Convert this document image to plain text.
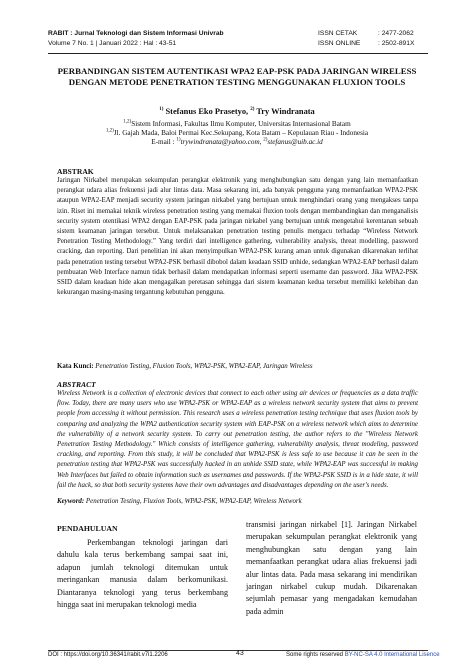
RABIT : Jurnal Teknologi dan Sistem Informasi Univrab
Volume 7 No. 1 | Januari 2022 : Hal : 43-51
ISSN CETAK	: 2477-2062
ISSN ONLINE	: 2502-891X
PERBANDINGAN SISTEM AUTENTIKASI WPA2 EAP-PSK PADA JARINGAN WIRELESS DENGAN METODE PENETRATION TESTING MENGGUNAKAN FLUXION TOOLS
$^{1)}$ Stefanus Eko Prasetyo, $^{2)}$ Try Windranata
$^{1,2)}$Sistem Informasi, Fakultas Ilmu Komputer, Universitas Internasional Batam
$^{1,2)}$Jl. Gajah Mada, Baloi Permai Kec.Sekupang, Kota Batam – Kepulauan Riau - Indonesia
E-mail : $^{1)}$trywindranata@yahoo.com, $^{2)}$stefanus@uib.ac.id
ABSTRAK
Jaringan Nirkabel merupakan sekumpulan perangkat elektronik yang menghubungkan satu dengan yang lain memanfaatkan perangkat udara alias frekuensi jadi alur lintas data. Masa sekarang ini, ada banyak pengguna yang memanfaatkan WPA2-PSK ataupun WPA2-EAP menjadi security system jaringan nirkabel yang bertujuan untuk menghindari orang yang mengakses tanpa izin. Riset ini memakai teknik wireless penetration testing yang memakai fluxion tools dengan membandingkan dan menganalisis security system otentikasi WPA2 dengan EAP-PSK pada jaringan nirkabel yang bertujuan untuk mengetahui kerentanan sebuah sistem keamanan jaringan tersebut. Untuk melaksanakan penetration testing penulis mengacu terhadap “Wireless Network Penetration Testing Methodology.” Yang terdiri dari intelligence gathering, vulnerability analysis, threat modelling, password cracking, dan reporting. Dari penelitian ini akan menyimpulkan WPA2-PSK kurang aman untuk digunakan dikarenakan terlihat pada penetration testing tersebut WPA2-PSK berhasil dibobol dalam keadaan SSID unhide, sedangkan WPA2-EAP berhasil dalam pembuatan Web Interface namun tidak berhasil dalam mendapatkan informasi seperti username dan password. Jika WPA2-PSK SSID dalam keadaan hide akan mengagalkan peretasan sehingga dari sistem keamanan kedua tersebut memiliki kelebihan dan kekurangan masing-masing tergantung kebutuhan pengguna.
Kata Kunci: Penetration Testing, Fluxion Tools, WPA2-PSK, WPA2-EAP, Jaringan Wireless
ABSTRACT
Wireless Network is a collection of electronic devices that connect to each other using air devices or frequencies as a data traffic flow. Today, there are many users who use WPA2-PSK or WPA2-EAP as a wireless network security system that aims to prevent people from accessing it without permission. This research uses a wireless penetration testing technique that uses fluxion tools by comparing and analyzing the WPA2 authentication security system with EAP-PSK on a wireless network which aims to determine the vulnerability of a network security system. To carry out penetration testing, the author refers to the "Wireless Network Penetration Testing Methodology." Which consists of intelligence gathering, vulnerability analysis, threat modeling, password cracking, and reporting. From this study, it will be concluded that WPA2-PSK is less safe to use because it can be seen in the penetration testing that WPA2-PSK was successfully hacked in an unhide SSID state, while WPA2-EAP was successful in making Web Interfaces but failed to obtain information such as usernames and passwords. If the WPA2-PSK SSID is in a hide state, it will fail the hack, so that both security systems have their own advantages and disadvantages depending on the user's needs.
Keyword: Penetration Testing, Fluxion Tools, WPA2-PSK, WPA2-EAP, Wireless Network
PENDAHULUAN
Perkembangan teknologi jaringan dari dahulu kala terus berkembang sampai saat ini, adapun jumlah teknologi ditemukan untuk meringankan manusia dalam berkomunikasi. Diantaranya teknologi yang terus berkembang hingga saat ini merupakan teknologi media
transmisi jaringan nirkabel [1]. Jaringan Nirkabel merupakan sekumpulan perangkat elektronik yang menghubungkan satu dengan yang lain memanfaatkan perangkat udara alias frekuensi jadi alur lintas data. Pada masa sekarang ini mendirikan jaringan nirkabel cukup mudah. Dikarenakan sejumlah pemasar yang mengadakan kemudahan pada admin
DOI : https://doi.org/10.36341/rabit.v7i1.2206	43	Some rights reserved BY-NC-SA 4.0 International Lisence
